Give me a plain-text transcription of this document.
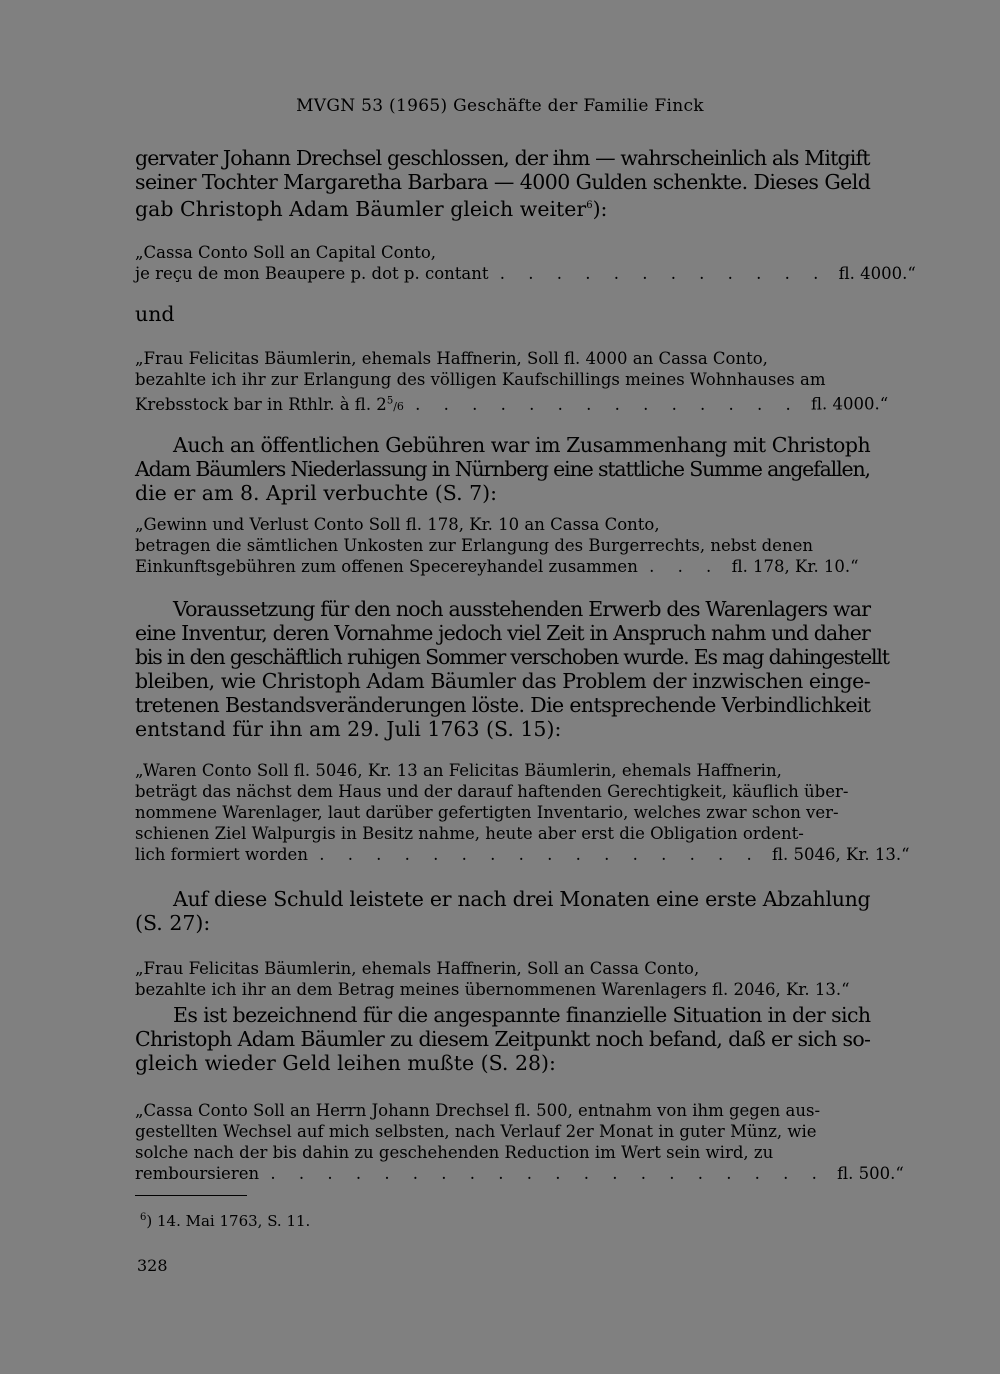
MVGN 53 (1965) Geschäfte der Familie Finck
gervater Johann Drechsel geschlossen, der ihm — wahrscheinlich als Mitgift
seiner Tochter Margaretha Barbara — 4000 Gulden schenkte. Dieses Geld
gab Christoph Adam Bäumler gleich weiter$^6$):
„Cassa Conto Soll an Capital Conto,
je reçu de mon Beaupere p. dot p. contant . . . . . . . . . . . . fl. 4000.“
und
„Frau Felicitas Bäumlerin, ehemals Haffnerin, Soll fl. 4000 an Cassa Conto,
bezahlte ich ihr zur Erlangung des völligen Kaufschillings meines Wohnhauses am
Krebsstock bar in Rthlr. à fl. $2^5/6$ . . . . . . . . . . . . . . fl. 4000.“
Auch an öffentlichen Gebühren war im Zusammenhang mit Christoph
Adam Bäumlers Niederlassung in Nürnberg eine stattliche Summe angefallen,
die er am 8. April verbuchte (S. 7):
„Gewinn und Verlust Conto Soll fl. 178, Kr. 10 an Cassa Conto,
betragen die sämtlichen Unkosten zur Erlangung des Burgerrechts, nebst denen
Einkunftsgebühren zum offenen Specereyhandel zusammen . . . fl. 178, Kr. 10.“
Voraussetzung für den noch ausstehenden Erwerb des Warenlagers war
eine Inventur, deren Vornahme jedoch viel Zeit in Anspruch nahm und daher
bis in den geschäftlich ruhigen Sommer verschoben wurde. Es mag dahingestellt
bleiben, wie Christoph Adam Bäumler das Problem der inzwischen einge-
tretenen Bestandsveränderungen löste. Die entsprechende Verbindlichkeit
entstand für ihn am 29. Juli 1763 (S. 15):
„Waren Conto Soll fl. 5046, Kr. 13 an Felicitas Bäumlerin, ehemals Haffnerin,
beträgt das nächst dem Haus und der darauf haftenden Gerechtigkeit, käuflich über-
nommene Warenlager, laut darüber gefertigten Inventario, welches zwar schon ver-
schienen Ziel Walpurgis in Besitz nahme, heute aber erst die Obligation ordent-
lich formiert worden . . . . . . . . . . . . . . . . fl. 5046, Kr. 13.“
Auf diese Schuld leistete er nach drei Monaten eine erste Abzahlung
(S. 27):
„Frau Felicitas Bäumlerin, ehemals Haffnerin, Soll an Cassa Conto,
bezahlte ich ihr an dem Betrag meines übernommenen Warenlagers fl. 2046, Kr. 13.“
Es ist bezeichnend für die angespannte finanzielle Situation in der sich
Christoph Adam Bäumler zu diesem Zeitpunkt noch befand, daß er sich so-
gleich wieder Geld leihen mußte (S. 28):
„Cassa Conto Soll an Herrn Johann Drechsel fl. 500, entnahm von ihm gegen aus-
gestellten Wechsel auf mich selbsten, nach Verlauf 2er Monat in guter Münz, wie
solche nach der bis dahin zu geschehenden Reduction im Wert sein wird, zu
remboursieren . . . . . . . . . . . . . . . . . . . . fl. 500.“
$^6$) 14. Mai 1763, S. 11.
328
